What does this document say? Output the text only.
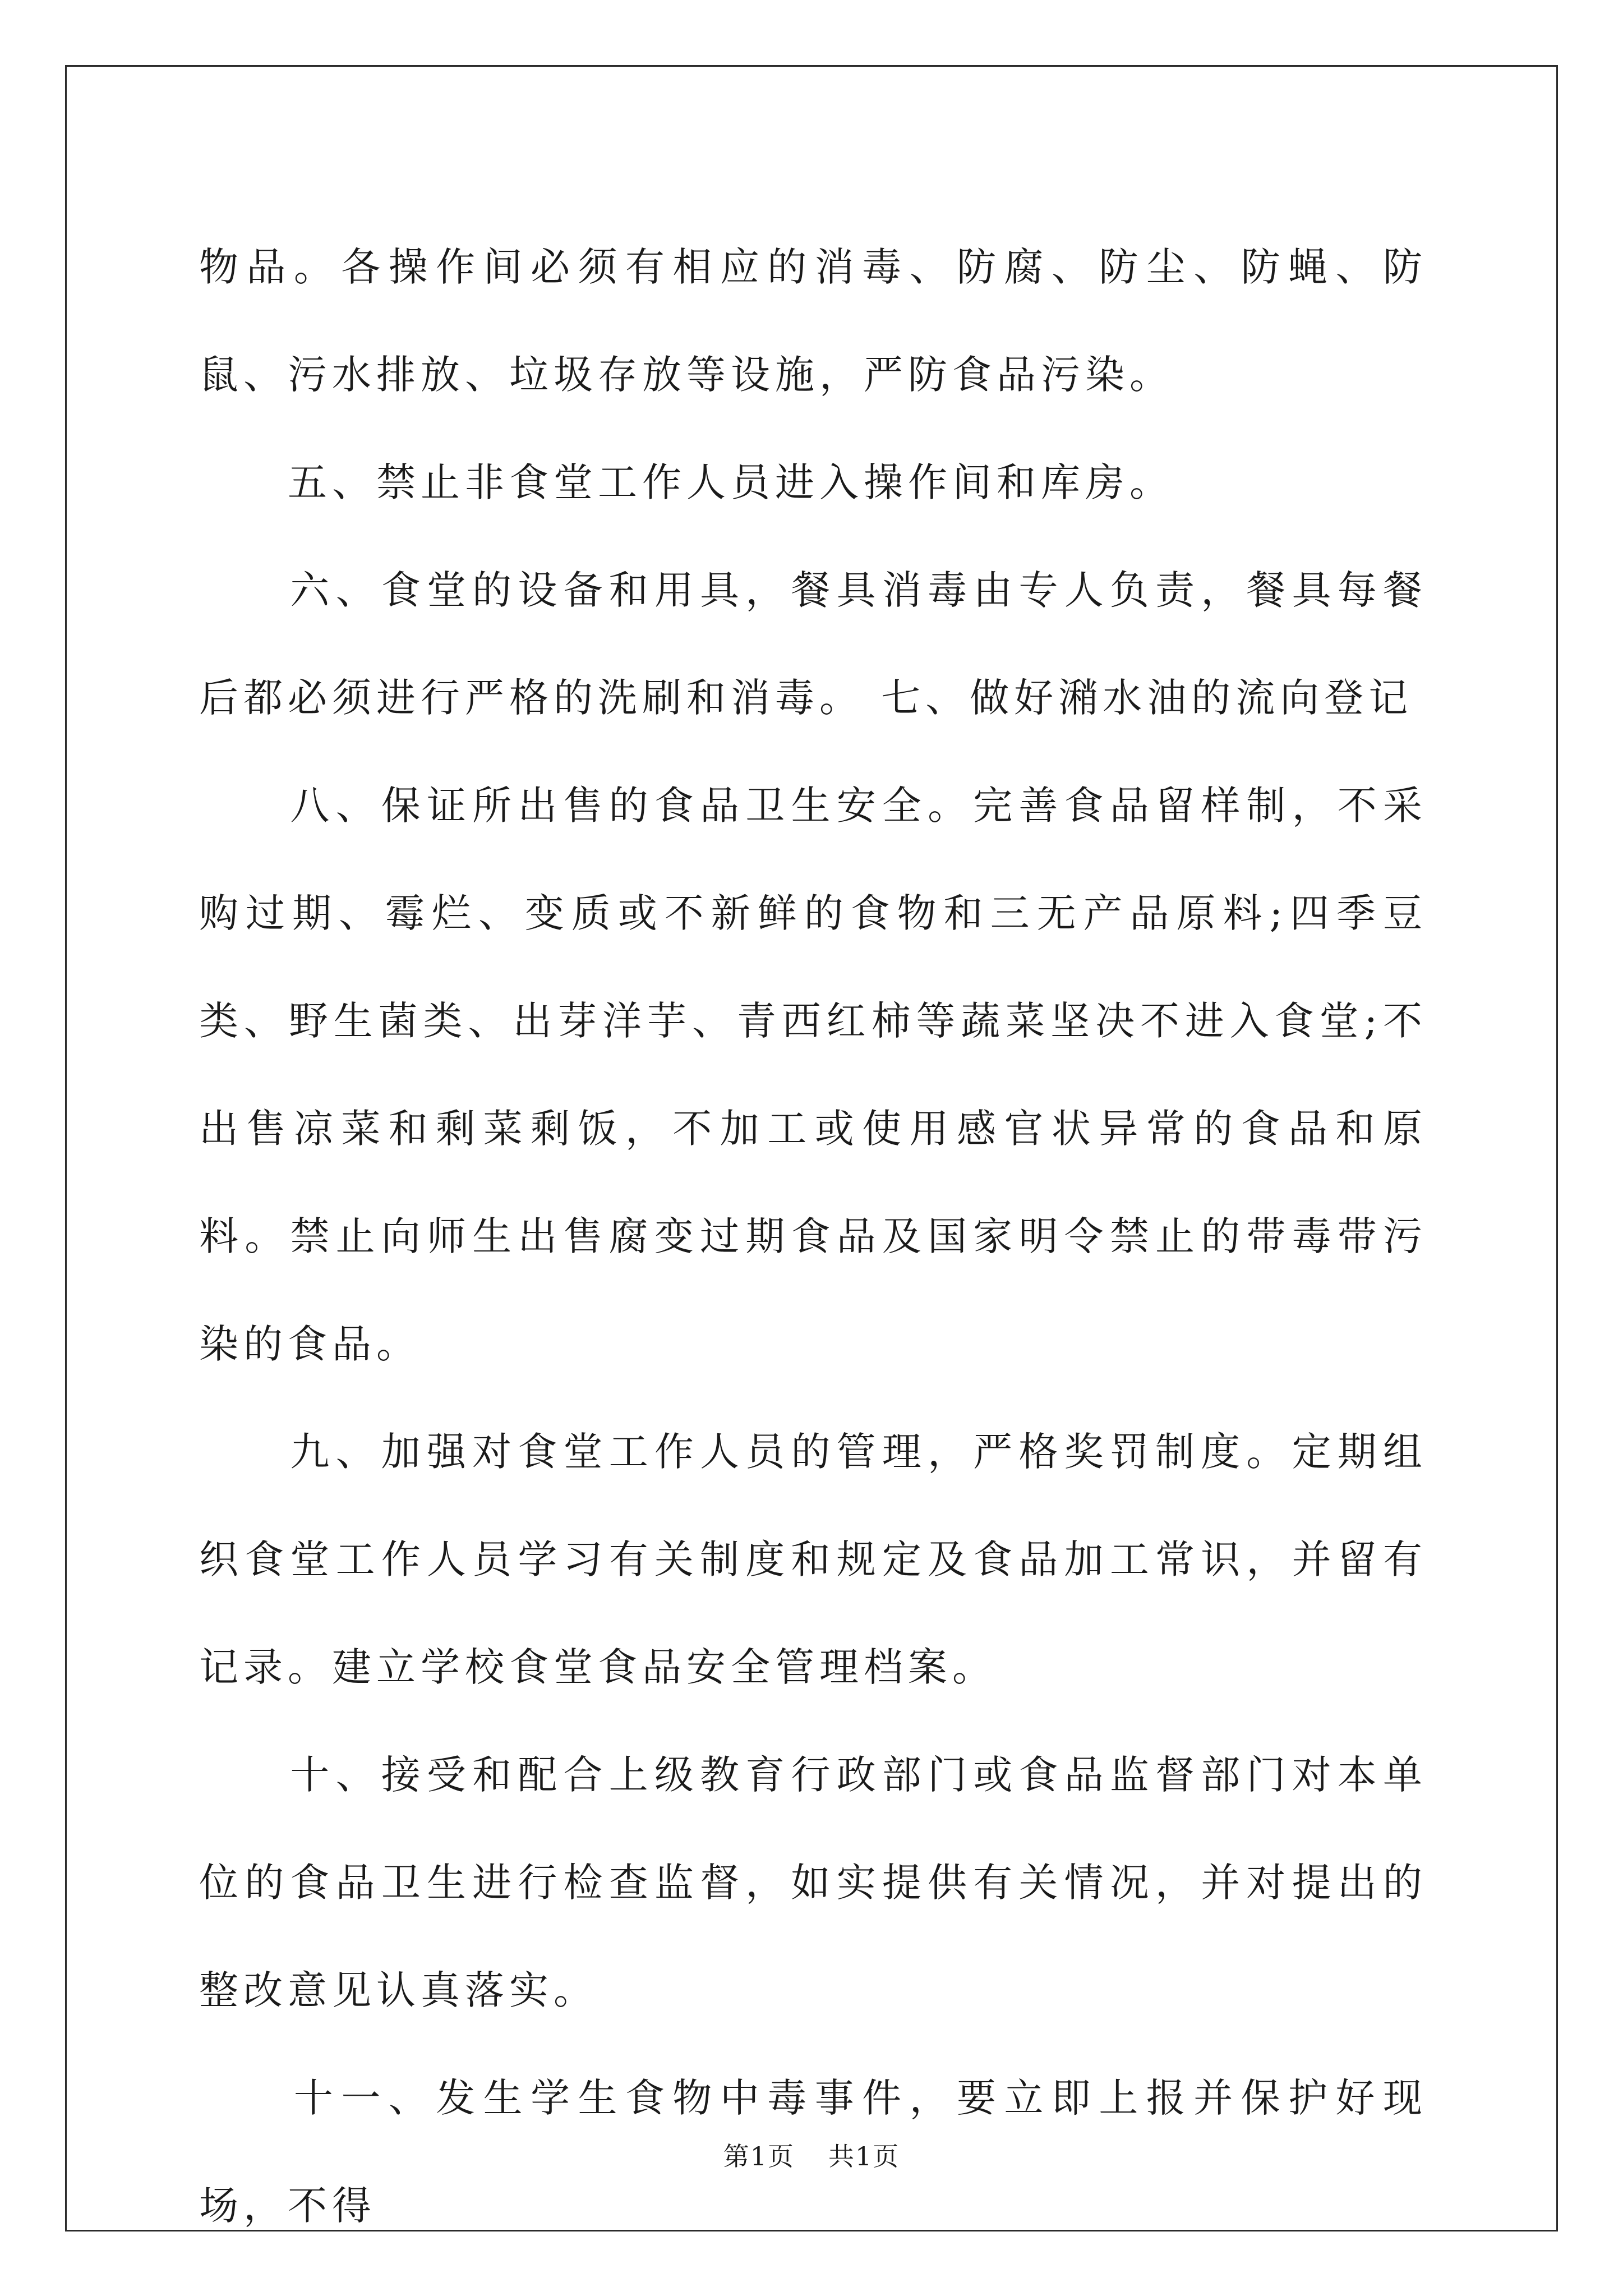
物品。各操作间必须有相应的消毒、防腐、防尘、防蝇、防鼠、污水排放、垃圾存放等设施，严防食品污染。

　　五、禁止非食堂工作人员进入操作间和库房。

　　六、食堂的设备和用具，餐具消毒由专人负责，餐具每餐后都必须进行严格的洗刷和消毒。 七、做好潲水油的流向登记

　　八、保证所出售的食品卫生安全。完善食品留样制，不采购过期、霉烂、变质或不新鲜的食物和三无产品原料;四季豆类、野生菌类、出芽洋芋、青西红柿等蔬菜坚决不进入食堂;不出售凉菜和剩菜剩饭，不加工或使用感官状异常的食品和原料。禁止向师生出售腐变过期食品及国家明令禁止的带毒带污染的食品。

　　九、加强对食堂工作人员的管理，严格奖罚制度。定期组织食堂工作人员学习有关制度和规定及食品加工常识，并留有记录。建立学校食堂食品安全管理档案。

　　十、接受和配合上级教育行政部门或食品监督部门对本单位的食品卫生进行检查监督，如实提供有关情况，并对提出的整改意见认真落实。

　　十一、发生学生食物中毒事件，要立即上报并保护好现场，不得

第1页 共1页
